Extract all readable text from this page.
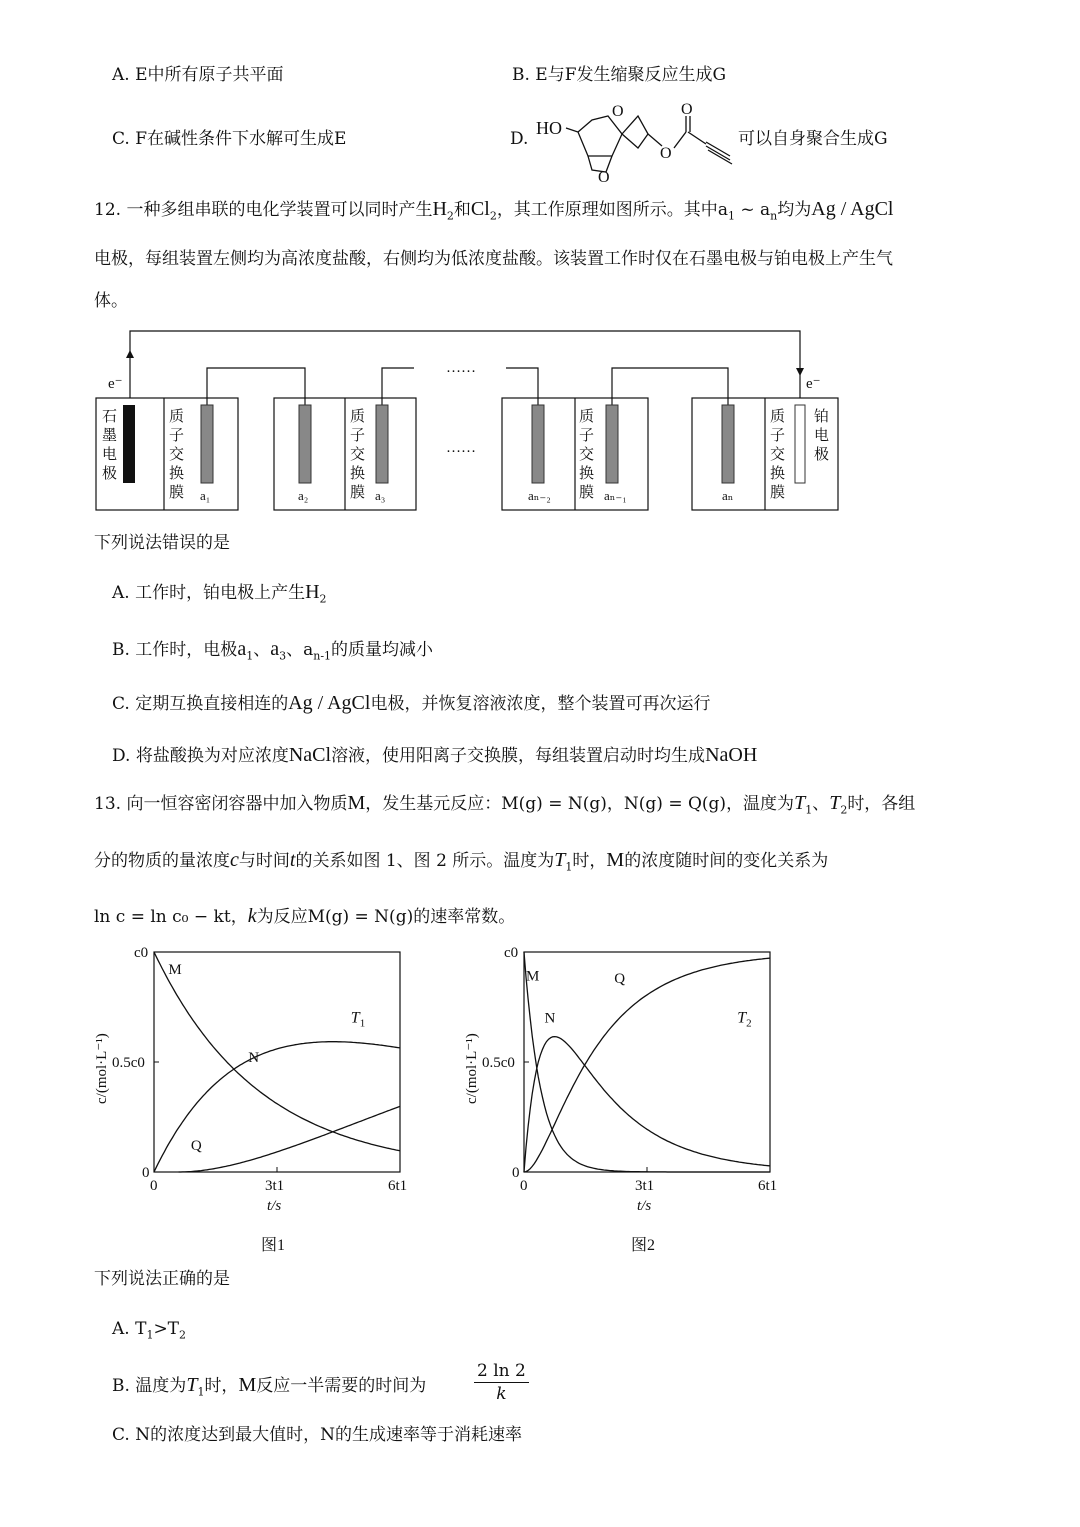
A. E中所有原子共平面	B. E与F发生缩聚反应生成G
C. F在碱性条件下水解可生成E	D.
HO
O
O
O
O
可以自身聚合生成G
12. 一种多组串联的电化学装置可以同时产生$H_2$和$Cl_2$，其工作原理如图所示。其中$a_1$ ~ $a_n$均为Ag / AgCl
电极，每组装置左侧均为高浓度盐酸，右侧均为低浓度盐酸。该装置工作时仅在石墨电极与铂电极上产生气
体。
e⁻	e⁻
……
……
石
墨
电
极
质
子
交
换
膜
质
子
交
换
膜
质
子
交
换
膜
质
子
交
换
膜
铂
电
极
a₁	a₂	a₃	aₙ₋₂	aₙ₋₁	aₙ
下列说法错误的是
A. 工作时，铂电极上产生$H_2$
B. 工作时，电极$a_1$、$a_3$、$a_{n-1}$的质量均减小
C. 定期互换直接相连的Ag / AgCl电极，并恢复溶液浓度，整个装置可再次运行
D. 将盐酸换为对应浓度NaCl溶液，使用阳离子交换膜，每组装置启动时均生成NaOH
13. 向一恒容密闭容器中加入物质M，发生基元反应：M(g) = N(g)，N(g) = Q(g)，温度为$T_1$、$T_2$时，各组
分的物质的量浓度c与时间t的关系如图 1、图 2 所示。温度为$T_1$时，M的浓度随时间的变化关系为
ln c = ln c₀ − kt，k为反应M(g) = N(g)的速率常数。
M
N
Q
$T_1$
0	3t1	6t1
0
0.5c0
c0
t/s
c/(mol·L⁻¹)
图1
M
N
Q
$T_2$
0	3t1	6t1
0
0.5c0
c0
t/s
c/(mol·L⁻¹)
图2
下列说法正确的是
A. $T_1>T_2$
B. 温度为$T_1$时，M反应一半需要的时间为
2 ln 2
k
C. N的浓度达到最大值时，N的生成速率等于消耗速率
